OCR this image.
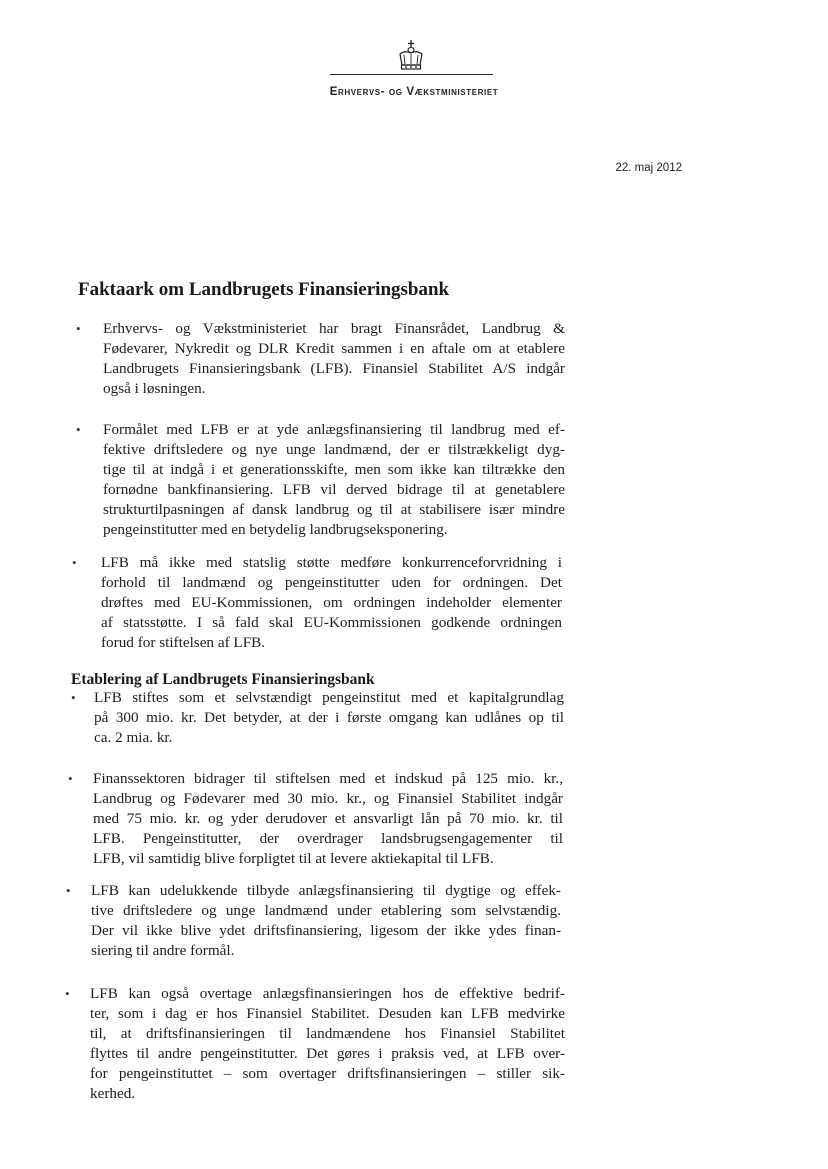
Erhvervs- og Vækstministeriet
22. maj 2012
Faktaark om Landbrugets Finansieringsbank
• Erhvervs- og Vækstministeriet har bragt Finansrådet, Landbrug &
Fødevarer, Nykredit og DLR Kredit sammen i en aftale om at etablere
Landbrugets Finansieringsbank (LFB). Finansiel Stabilitet A/S indgår
også i løsningen.
• Formålet med LFB er at yde anlægsfinansiering til landbrug med ef-
fektive driftsledere og nye unge landmænd, der er tilstrækkeligt dyg-
tige til at indgå i et generationsskifte, men som ikke kan tiltrække den
fornødne bankfinansiering. LFB vil derved bidrage til at genetablere
strukturtilpasningen af dansk landbrug og til at stabilisere især mindre
pengeinstitutter med en betydelig landbrugseksponering.
• LFB må ikke med statslig støtte medføre konkurrenceforvridning i
forhold til landmænd og pengeinstitutter uden for ordningen. Det
drøftes med EU-Kommissionen, om ordningen indeholder elementer
af statsstøtte. I så fald skal EU-Kommissionen godkende ordningen
forud for stiftelsen af LFB.
Etablering af Landbrugets Finansieringsbank
• LFB stiftes som et selvstændigt pengeinstitut med et kapitalgrundlag
på 300 mio. kr. Det betyder, at der i første omgang kan udlånes op til
ca. 2 mia. kr.
• Finanssektoren bidrager til stiftelsen med et indskud på 125 mio. kr.,
Landbrug og Fødevarer med 30 mio. kr., og Finansiel Stabilitet indgår
med 75 mio. kr. og yder derudover et ansvarligt lån på 70 mio. kr. til
LFB. Pengeinstitutter, der overdrager landsbrugsengagementer til
LFB, vil samtidig blive forpligtet til at levere aktiekapital til LFB.
• LFB kan udelukkende tilbyde anlægsfinansiering til dygtige og effek-
tive driftsledere og unge landmænd under etablering som selvstændig.
Der vil ikke blive ydet driftsfinansiering, ligesom der ikke ydes finan-
siering til andre formål.
• LFB kan også overtage anlægsfinansieringen hos de effektive bedrif-
ter, som i dag er hos Finansiel Stabilitet. Desuden kan LFB medvirke
til, at driftsfinansieringen til landmændene hos Finansiel Stabilitet
flyttes til andre pengeinstitutter. Det gøres i praksis ved, at LFB over-
for pengeinstituttet – som overtager driftsfinansieringen – stiller sik-
kerhed.
